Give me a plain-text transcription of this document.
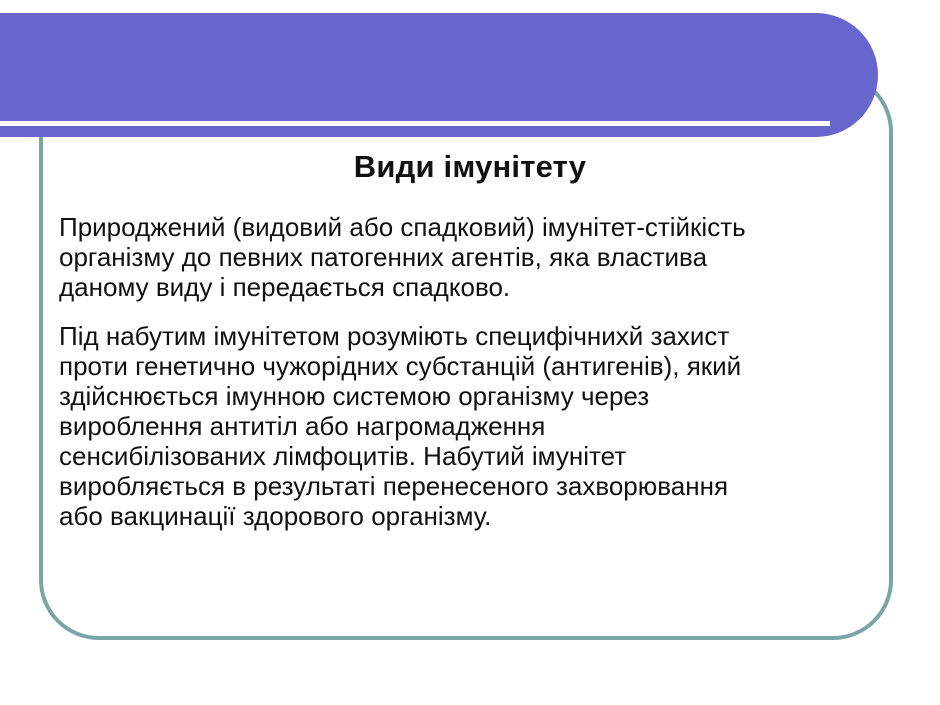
Види імунітету

Природжений (видовий або спадковий) імунітет-стійкість
організму до певних патогенних агентів, яка властива
даному виду і передається спадково.

Під набутим імунітетом розуміють специфічнихй захист
проти генетично чужорідних субстанцій (антигенів), який
здійснюється імунною системою організму через
вироблення антитіл або нагромадження
сенсибілізованих лімфоцитів. Набутий імунітет
виробляється в результаті перенесеного захворювання
або вакцинації здорового організму.
